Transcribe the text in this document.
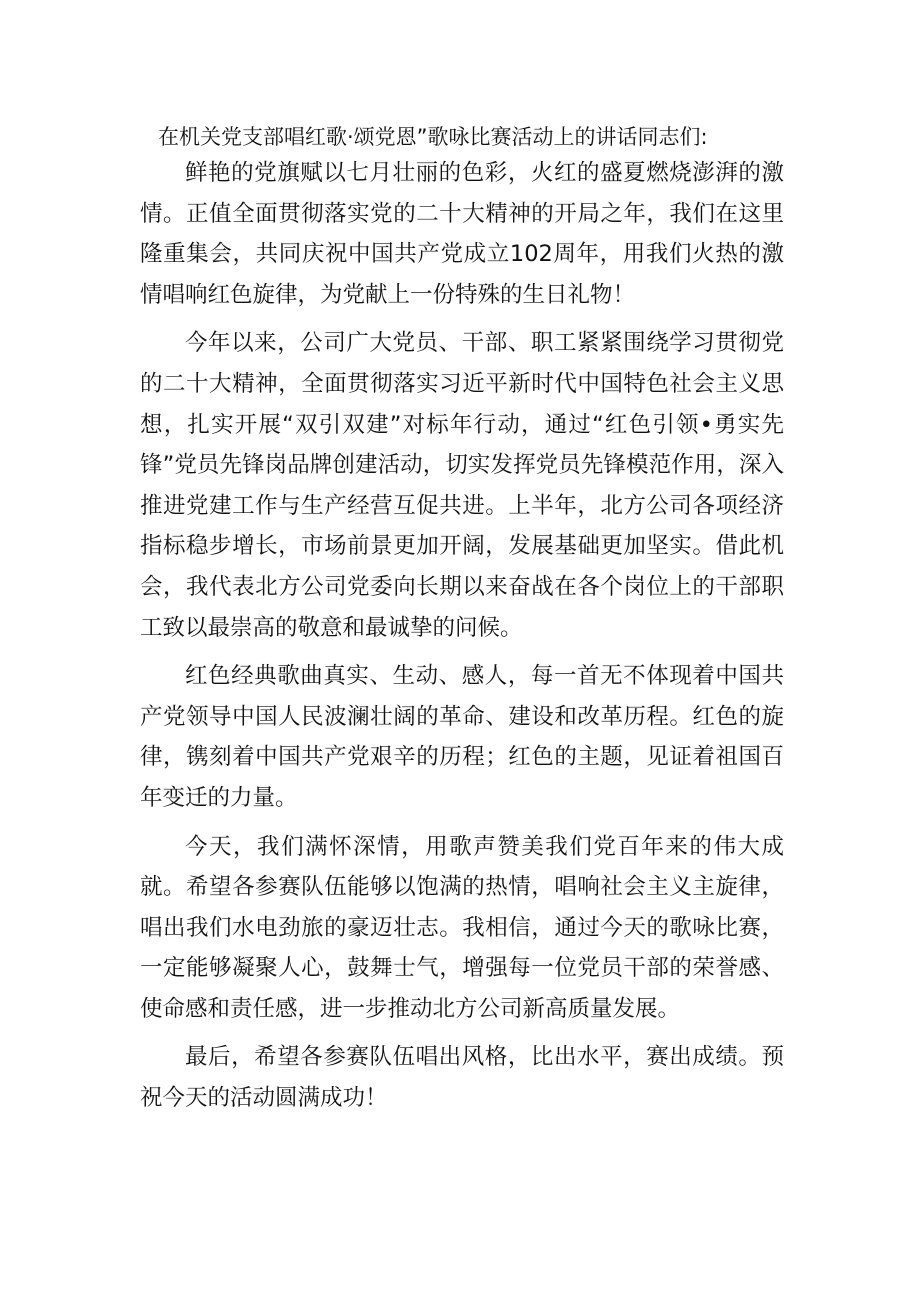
在机关党支部唱红歌·颂党恩”歌咏比赛活动上的讲话同志们:

鲜艳的党旗赋以七月壮丽的色彩，火红的盛夏燃烧澎湃的激情。正值全面贯彻落实党的二十大精神的开局之年，我们在这里隆重集会，共同庆祝中国共产党成立102周年，用我们火热的激情唱响红色旋律，为党献上一份特殊的生日礼物！

今年以来，公司广大党员、干部、职工紧紧围绕学习贯彻党的二十大精神，全面贯彻落实习近平新时代中国特色社会主义思想，扎实开展“双引双建”对标年行动，通过“红色引领•勇实先锋”党员先锋岗品牌创建活动，切实发挥党员先锋模范作用，深入推进党建工作与生产经营互促共进。上半年，北方公司各项经济指标稳步增长，市场前景更加开阔，发展基础更加坚实。借此机会，我代表北方公司党委向长期以来奋战在各个岗位上的干部职工致以最崇高的敬意和最诚挚的问候。

红色经典歌曲真实、生动、感人，每一首无不体现着中国共产党领导中国人民波澜壮阔的革命、建设和改革历程。红色的旋律，镌刻着中国共产党艰辛的历程；红色的主题，见证着祖国百年变迁的力量。

今天，我们满怀深情，用歌声赞美我们党百年来的伟大成就。希望各参赛队伍能够以饱满的热情，唱响社会主义主旋律，唱出我们水电劲旅的豪迈壮志。我相信，通过今天的歌咏比赛，一定能够凝聚人心，鼓舞士气，增强每一位党员干部的荣誉感、使命感和责任感，进一步推动北方公司新高质量发展。

最后，希望各参赛队伍唱出风格，比出水平，赛出成绩。预祝今天的活动圆满成功！
